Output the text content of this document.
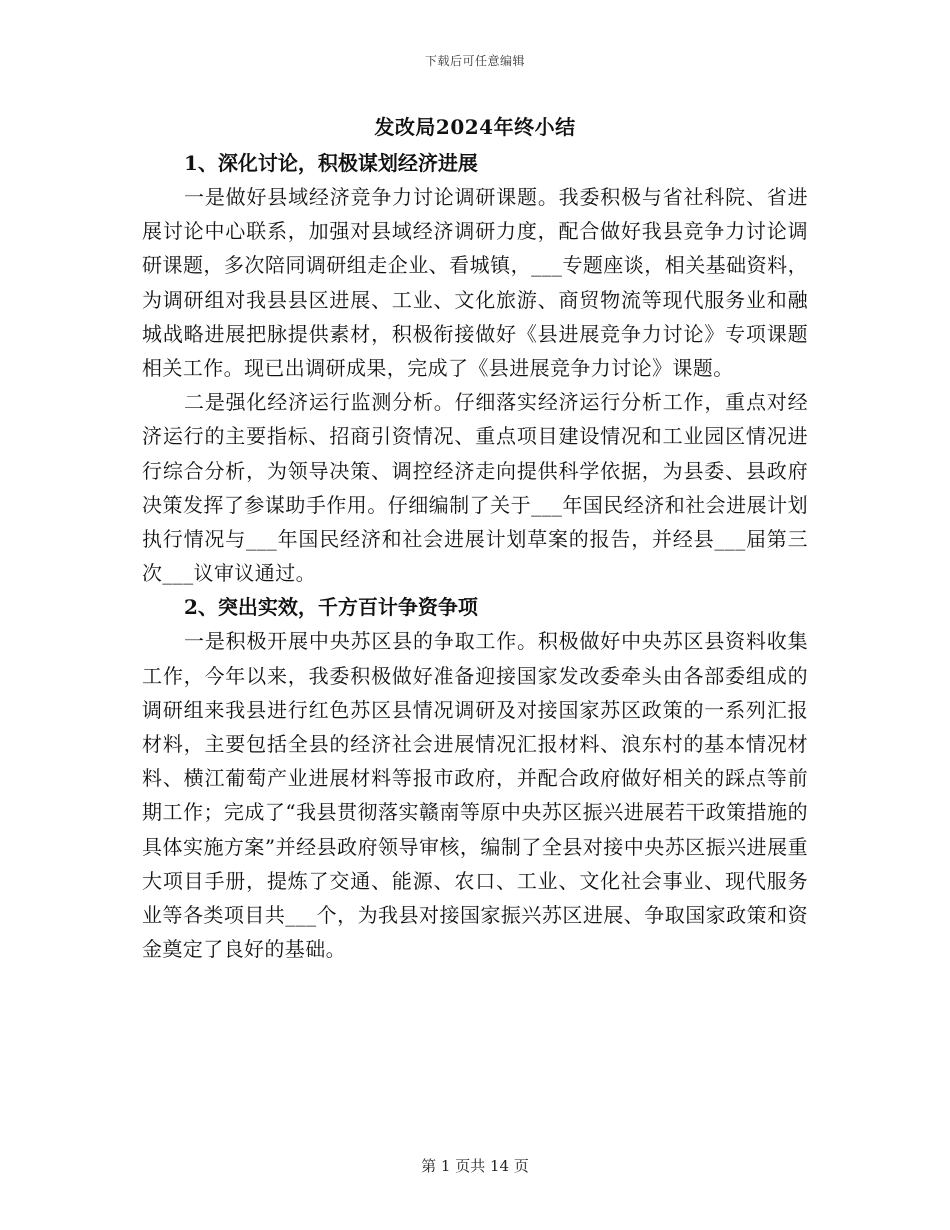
下载后可任意编辑
发改局2024年终小结
1、深化讨论，积极谋划经济进展

一是做好县域经济竞争力讨论调研课题。我委积极与省社科院、省进展讨论中心联系，加强对县域经济调研力度，配合做好我县竞争力讨论调研课题，多次陪同调研组走企业、看城镇，___专题座谈，相关基础资料，为调研组对我县县区进展、工业、文化旅游、商贸物流等现代服务业和融城战略进展把脉提供素材，积极衔接做好《县进展竞争力讨论》专项课题相关工作。现已出调研成果，完成了《县进展竞争力讨论》课题。

二是强化经济运行监测分析。仔细落实经济运行分析工作，重点对经济运行的主要指标、招商引资情况、重点项目建设情况和工业园区情况进行综合分析，为领导决策、调控经济走向提供科学依据，为县委、县政府决策发挥了参谋助手作用。仔细编制了关于___年国民经济和社会进展计划执行情况与___年国民经济和社会进展计划草案的报告，并经县___届第三次___议审议通过。

2、突出实效，千方百计争资争项

一是积极开展中央苏区县的争取工作。积极做好中央苏区县资料收集工作，今年以来，我委积极做好准备迎接国家发改委牵头由各部委组成的调研组来我县进行红色苏区县情况调研及对接国家苏区政策的一系列汇报材料，主要包括全县的经济社会进展情况汇报材料、浪东村的基本情况材料、横江葡萄产业进展材料等报市政府，并配合政府做好相关的踩点等前期工作；完成了“我县贯彻落实赣南等原中央苏区振兴进展若干政策措施的具体实施方案”并经县政府领导审核，编制了全县对接中央苏区振兴进展重大项目手册，提炼了交通、能源、农口、工业、文化社会事业、现代服务业等各类项目共___个，为我县对接国家振兴苏区进展、争取国家政策和资金奠定了良好的基础。

第 1 页共 14 页
